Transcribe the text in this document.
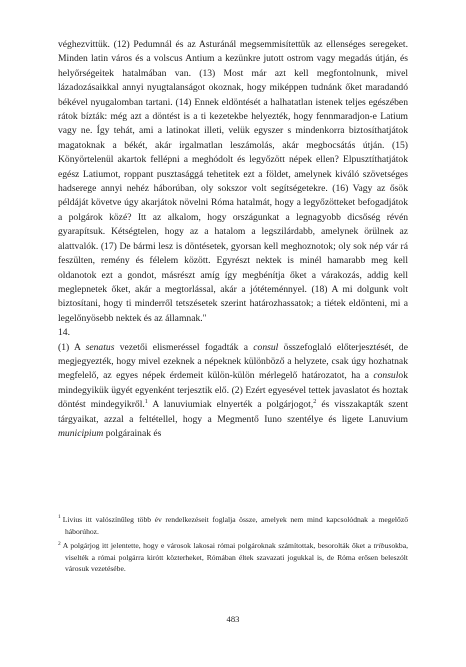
véghezvittük. (12) Pedumnál és az Asturánál megsemmisítettük az ellenséges seregeket. Minden latin város és a volscus Antium a kezünkre jutott ostrom vagy megadás útján, és helyőrségeitek hatalmában van. (13) Most már azt kell megfontolnunk, mivel lázadozásaikkal annyi nyugtalanságot okoznak, hogy miképpen tudnánk őket maradandó békével nyugalomban tartani. (14) Ennek eldöntését a halhatatlan istenek teljes egészében rátok bízták: még azt a döntést is a ti kezetekbe helyezték, hogy fennmaradjon-e Latium vagy ne. Így tehát, ami a latinokat illeti, velük egyszer s mindenkorra biztosíthatjátok magatoknak a békét, akár irgalmatlan leszámolás, akár megbocsátás útján. (15) Könyörtelenül akartok fellépni a meghódolt és legyőzött népek ellen? Elpusztíthatjátok egész Latiumot, roppant pusztasággá tehetitek ezt a földet, amelynek kiváló szövetséges hadserege annyi nehéz háborúban, oly sokszor volt segítségetekre. (16) Vagy az ősök példáját követve úgy akarjátok növelni Róma hatalmát, hogy a legyőzötteket befogadjátok a polgárok közé? Itt az alkalom, hogy országunkat a legnagyobb dicsőség révén gyarapítsuk. Kétségtelen, hogy az a hatalom a legszilárdabb, amelynek örülnek az alattvalók. (17) De bármi lesz is döntésetek, gyorsan kell meghoznotok; oly sok nép vár rá feszülten, remény és félelem között. Egyrészt nektek is minél hamarabb meg kell oldanotok ezt a gondot, másrészt amíg így megbénítja őket a várakozás, addig kell meglepnetek őket, akár a megtorlással, akár a jótéteménnyel. (18) A mi dolgunk volt biztosítani, hogy ti minderről tetszésetek szerint határozhassatok; a tiétek eldönteni, mi a legelőnyösebb nektek és az államnak."

14.

(1) A senatus vezetői elismeréssel fogadták a consul összefoglaló előterjesztését, de megjegyezték, hogy mivel ezeknek a népeknek különböző a helyzete, csak úgy hozhatnak megfelelő, az egyes népek érdemeit külön-külön mérlegelő határozatot, ha a consulok mindegyikük ügyét egyenként terjesztik elő. (2) Ezért egyesével tettek javaslatot és hoztak döntést mindegyikről.$^1$ A lanuviumiak elnyerték a polgárjogot,$^2$ és visszakapták szent tárgyaikat, azzal a feltétellel, hogy a Megmentő Iuno szentélye és ligete Lanuvium municipium polgárainak és

$^1$ Livius itt valószínűleg több év rendelkezéseit foglalja össze, amelyek nem mind kapcsolódnak a megelőző háborúhoz.

$^2$ A polgárjog itt jelentette, hogy e városok lakosai római polgároknak számítottak, besorolták őket a tribusokba, viselték a római polgárra kirótt közterheket, Rómában éltek szavazati jogukkal is, de Róma erősen beleszólt városuk vezetésébe.

483
